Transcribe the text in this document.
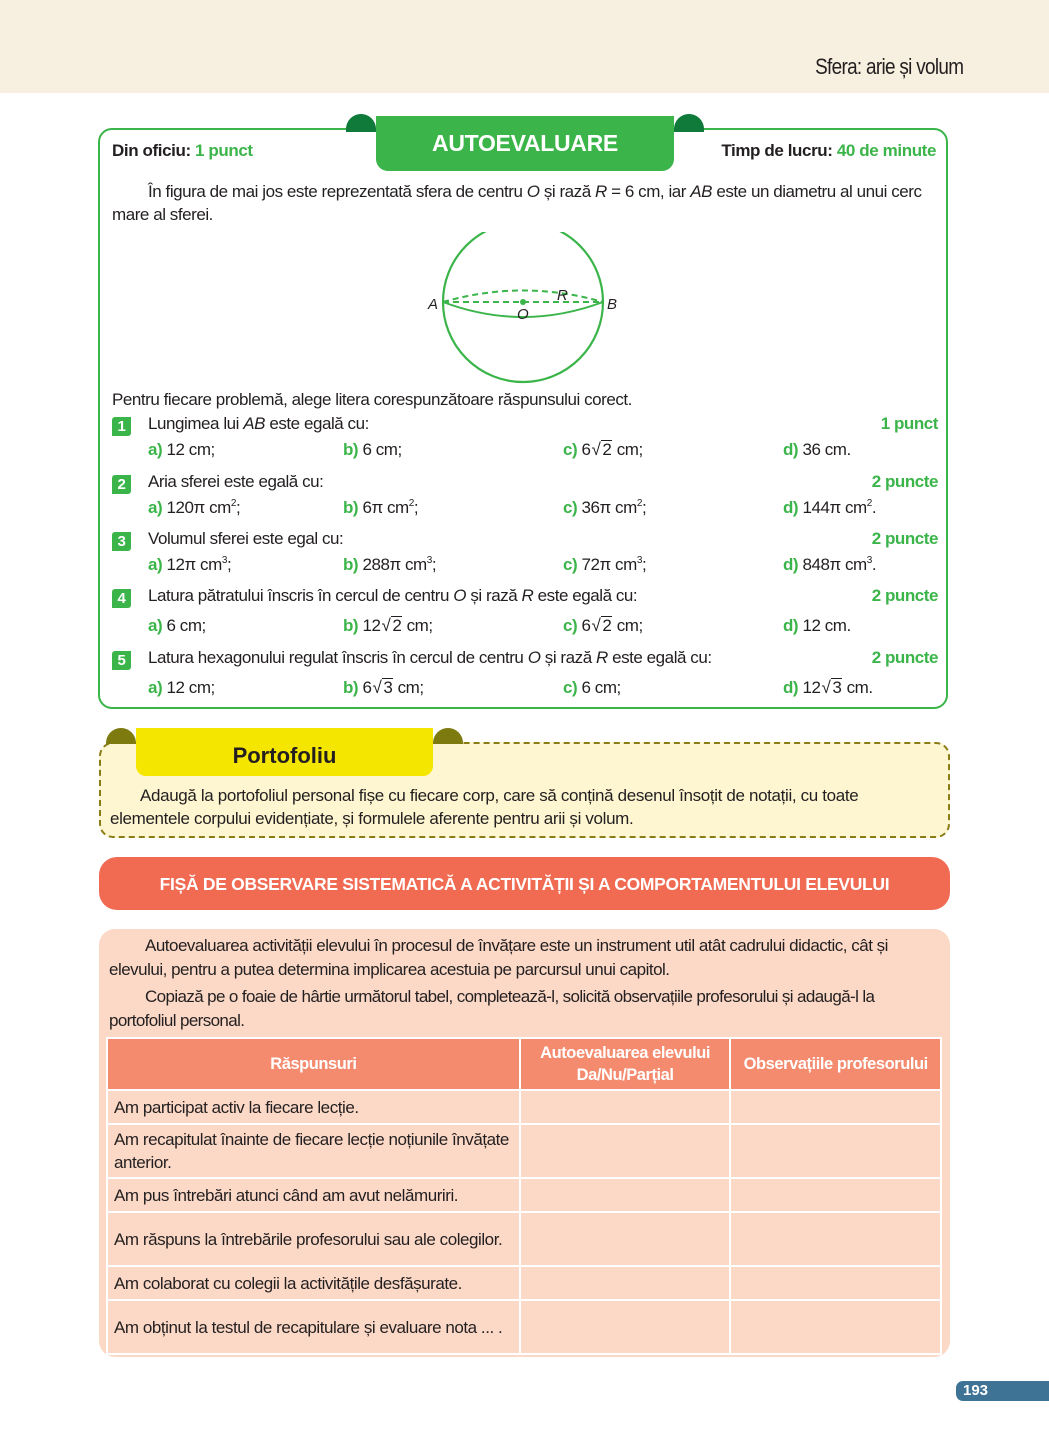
Sfera: arie și volum
AUTOEVALUARE
Din oficiu: 1 punct	Timp de lucru: 40 de minute
În figura de mai jos este reprezentată sfera de centru O și rază R = 6 cm, iar AB este un diametru al unui cerc mare al sferei.
A	B
O
R
Pentru fiecare problemă, alege litera corespunzătoare răspunsului corect.
1	Lungimea lui AB este egală cu:	1 punct
a) 12 cm;	b) 6 cm;	c) 6√ 2 cm;	d) 36 cm.
2	Aria sferei este egală cu:	2 puncte
a) 120π $cm^2$;	b) 6π $cm^2$;	c) 36π $cm^2$;	d) 144π $cm^2$.
3	Volumul sferei este egal cu:	2 puncte
a) 12π $cm^3$;	b) 288π $cm^3$;	c) 72π $cm^3$;	d) 848π $cm^3$.
4	Latura pătratului înscris în cercul de centru O și rază R este egală cu:	2 puncte
a) 6 cm;	b) 12√ 2 cm;	c) 6√ 2 cm;	d) 12 cm.
5	Latura hexagonului regulat înscris în cercul de centru O și rază R este egală cu:	2 puncte
a) 12 cm;	b) 6√ 3 cm;	c) 6 cm;	d) 12√ 3 cm.
Portofoliu
Adaugă la portofoliul personal fișe cu fiecare corp, care să conțină desenul însoțit de notații, cu toate elementele corpului evidențiate, și formulele aferente pentru arii și volum.
FIȘĂ DE OBSERVARE SISTEMATICĂ A ACTIVITĂȚII ȘI A COMPORTAMENTULUI ELEVULUI
Autoevaluarea activității elevului în procesul de învățare este un instrument util atât cadrului didactic, cât și elevului, pentru a putea determina implicarea acestuia pe parcursul unui capitol.
Copiază pe o foaie de hârtie următorul tabel, completează-l, solicită observațiile profesorului și adaugă-l la portofoliul personal.
Răspunsuri	Autoevaluarea elevului Da/Nu/Parțial	Observațiile profesorului
Am participat activ la fiecare lecție.		
Am recapitulat înainte de fiecare lecție noțiunile învățate anterior.		
Am pus întrebări atunci când am avut nelămuriri.		
Am răspuns la întrebările profesorului sau ale colegilor.		
Am colaborat cu colegii la activitățile desfășurate.		
Am obținut la testul de recapitulare și evaluare nota ... .		
193
